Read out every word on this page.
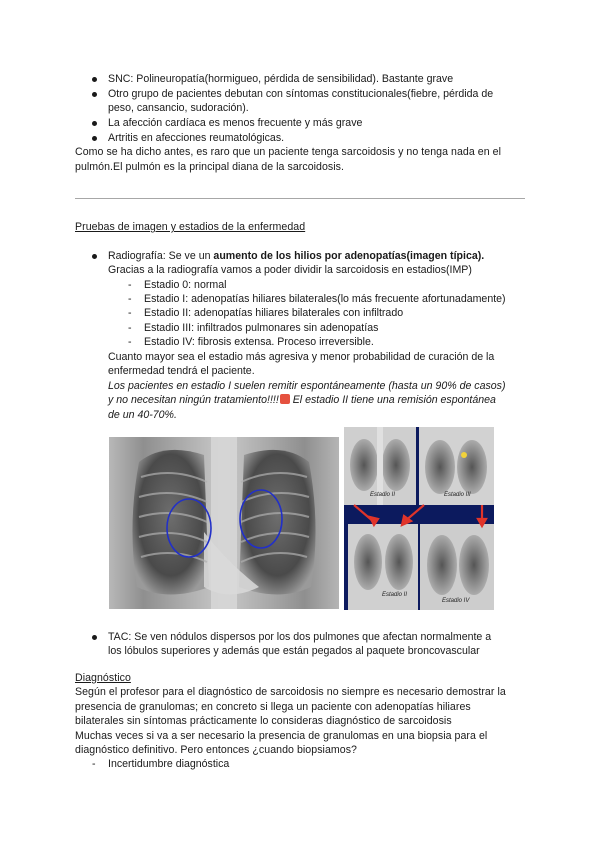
SNC: Polineuropatía(hormigueo, pérdida de sensibilidad). Bastante grave
Otro grupo de pacientes debutan con síntomas constitucionales(fiebre, pérdida de
peso, cansancio, sudoración).
La afección cardíaca es menos frecuente y más grave
Artritis en afecciones reumatológicas.
Como se ha dicho antes, es raro que un paciente tenga sarcoidosis y no tenga nada en el
pulmón.El pulmón es la principal diana de la sarcoidosis.
Pruebas de imagen y estadios de la enfermedad
Radiografía: Se ve un aumento de los hilios por adenopatías(imagen típica).
Gracias a la radiografía vamos a poder dividir la sarcoidosis en estadios(IMP)
- Estadio 0: normal
- Estadio I: adenopatías hiliares bilaterales(lo más frecuente afortunadamente)
- Estadio II: adenopatías hiliares bilaterales con infiltrado
- Estadio III: infiltrados pulmonares sin adenopatías
- Estadio IV: fibrosis extensa. Proceso irreversible.
Cuanto mayor sea el estadio más agresiva y menor probabilidad de curación de la
enfermedad tendrá el paciente.
Los pacientes en estadio I suelen remitir espontáneamente (hasta un 90% de casos)
y no necesitan ningún tratamiento!!!! El estadio II tiene una remisión espontánea
de un 40-70%.
Estadio II	Estadio III
Estadio II
Estadio IV
TAC: Se ven nódulos dispersos por los dos pulmones que afectan normalmente a
los lóbulos superiores y además que están pegados al paquete broncovascular
Diagnóstico
Según el profesor para el diagnóstico de sarcoidosis no siempre es necesario demostrar la
presencia de granulomas; en concreto si llega un paciente con adenopatías hiliares
bilaterales sin síntomas prácticamente lo consideras diagnóstico de sarcoidosis
Muchas veces si va a ser necesario la presencia de granulomas en una biopsia para el
diagnóstico definitivo. Pero entonces ¿cuando biopsiamos?
- Incertidumbre diagnóstica
